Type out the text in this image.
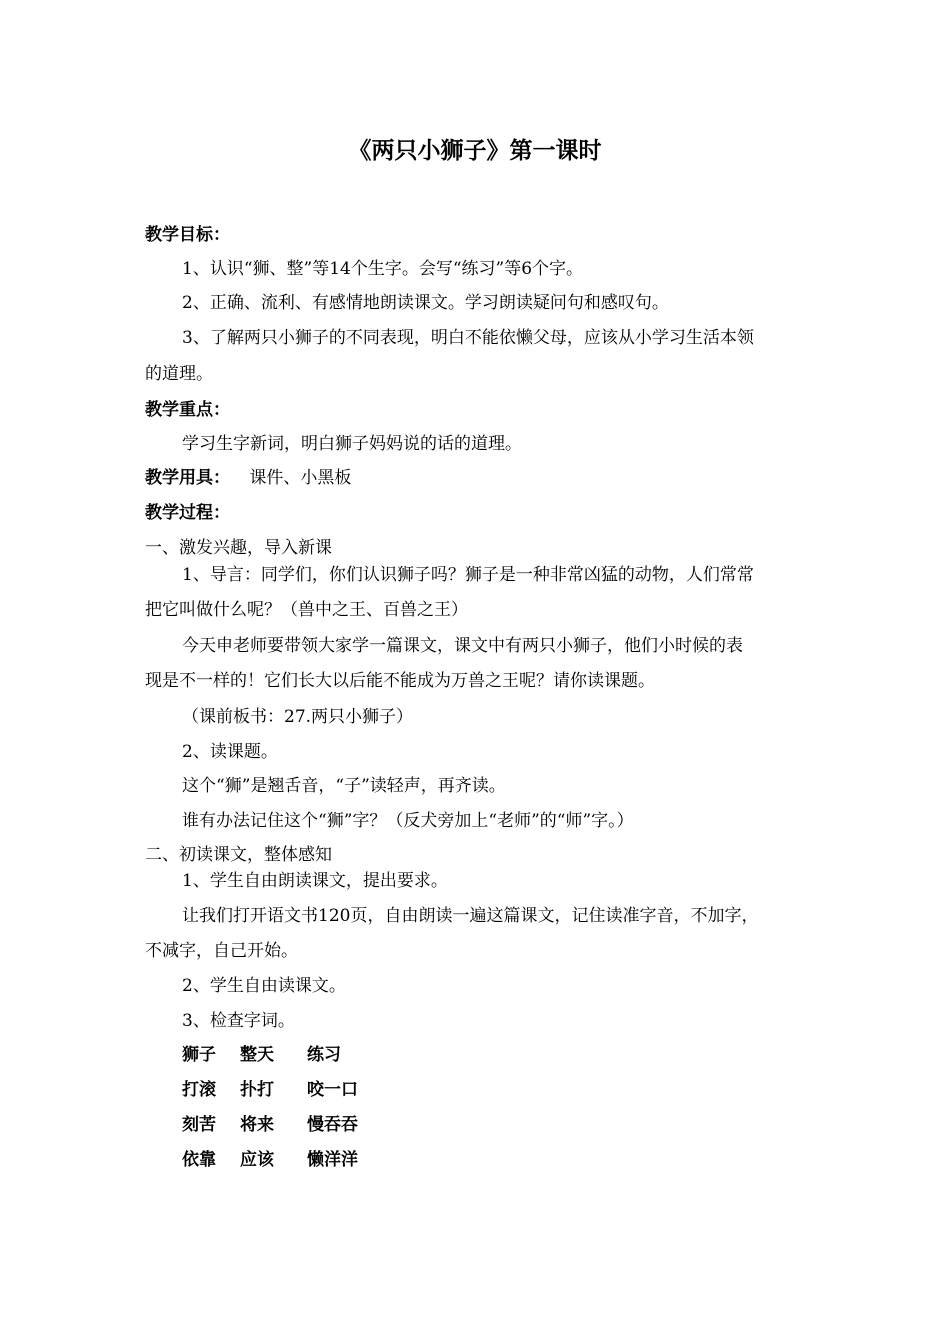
《两只小狮子》第一课时
教学目标：
1、认识“狮、整”等14个生字。会写“练习”等6个字。
2、正确、流利、有感情地朗读课文。学习朗读疑问句和感叹句。
3、了解两只小狮子的不同表现，明白不能依懒父母，应该从小学习生活本领
的道理。
教学重点：
学习生字新词，明白狮子妈妈说的话的道理。
教学用具： 课件、小黑板
教学过程：
一、激发兴趣，导入新课
1、导言：同学们，你们认识狮子吗？狮子是一种非常凶猛的动物，人们常常
把它叫做什么呢？（兽中之王、百兽之王）
今天申老师要带领大家学一篇课文，课文中有两只小狮子，他们小时候的表
现是不一样的！它们长大以后能不能成为万兽之王呢？请你读课题。
（课前板书：27.两只小狮子）
2、读课题。
这个“狮”是翘舌音，“子”读轻声，再齐读。
谁有办法记住这个“狮”字？（反犬旁加上“老师”的“师”字。）
二、初读课文，整体感知
1、学生自由朗读课文，提出要求。
让我们打开语文书120页，自由朗读一遍这篇课文，记住读准字音，不加字，
不减字，自己开始。
2、学生自由读课文。
3、检查字词。
狮子 整天 练习
打滚 扑打 咬一口
刻苦 将来 慢吞吞
依靠 应该 懒洋洋
